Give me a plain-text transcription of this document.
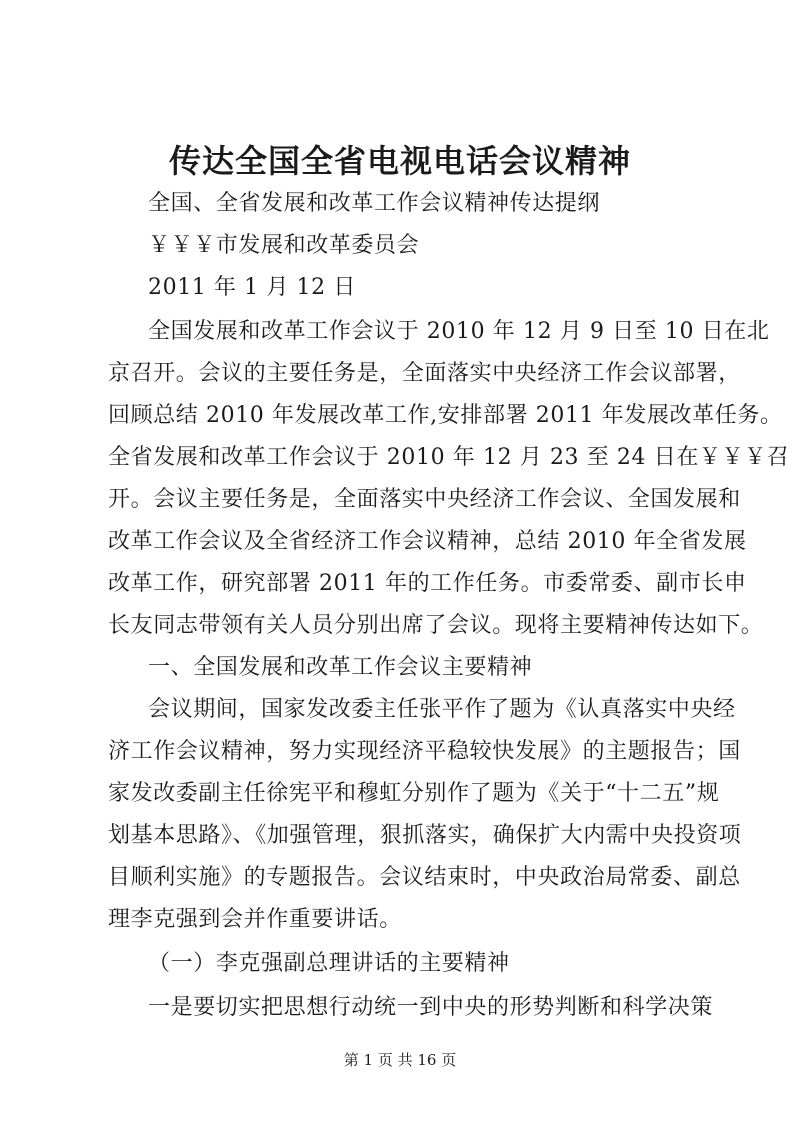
传达全国全省电视电话会议精神
全国、全省发展和改革工作会议精神传达提纲
￥￥￥市发展和改革委员会
2011 年 1 月 12 日
全国发展和改革工作会议于 2010 年 12 月 9 日至 10 日在北
京召开。会议的主要任务是，全面落实中央经济工作会议部署，
回顾总结 2010 年发展改革工作,安排部署 2011 年发展改革任务。
全省发展和改革工作会议于 2010 年 12 月 23 至 24 日在￥￥￥召
开。会议主要任务是，全面落实中央经济工作会议、全国发展和
改革工作会议及全省经济工作会议精神，总结 2010 年全省发展
改革工作，研究部署 2011 年的工作任务。市委常委、副市长申
长友同志带领有关人员分别出席了会议。现将主要精神传达如下。
一、全国发展和改革工作会议主要精神
会议期间，国家发改委主任张平作了题为《认真落实中央经
济工作会议精神，努力实现经济平稳较快发展》的主题报告；国
家发改委副主任徐宪平和穆虹分别作了题为《关于“十二五”规
划基本思路》、《加强管理，狠抓落实，确保扩大内需中央投资项
目顺利实施》的专题报告。会议结束时，中央政治局常委、副总
理李克强到会并作重要讲话。
（一）李克强副总理讲话的主要精神
一是要切实把思想行动统一到中央的形势判断和科学决策
第 1 页 共 16 页
